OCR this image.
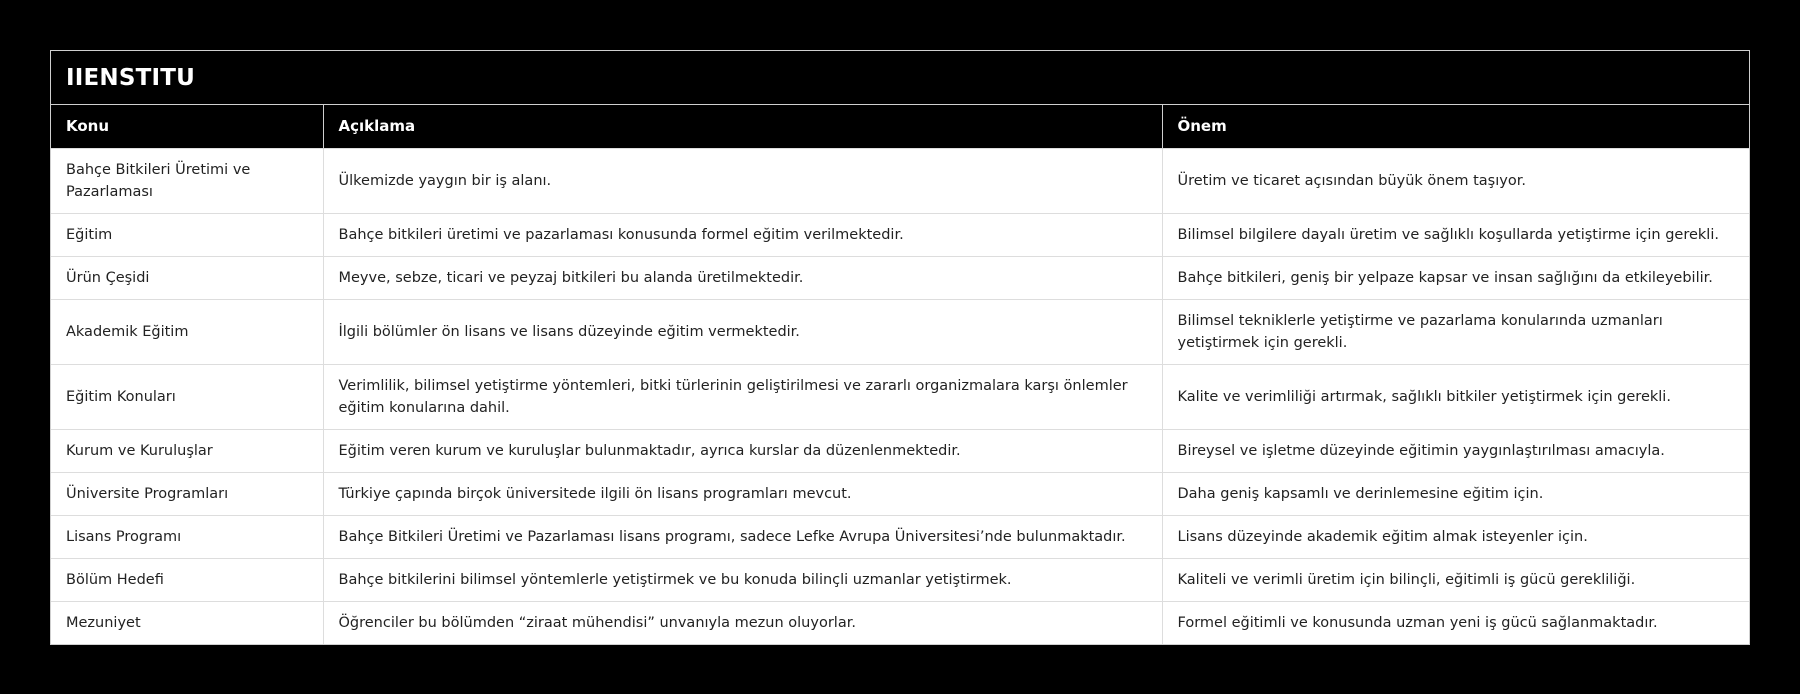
IIENSTITU
Konu	Açıklama	Önem
Bahçe Bitkileri Üretimi ve Pazarlaması	Ülkemizde yaygın bir iş alanı.	Üretim ve ticaret açısından büyük önem taşıyor.
Eğitim	Bahçe bitkileri üretimi ve pazarlaması konusunda formel eğitim verilmektedir.	Bilimsel bilgilere dayalı üretim ve sağlıklı koşullarda yetiştirme için gerekli.
Ürün Çeşidi	Meyve, sebze, ticari ve peyzaj bitkileri bu alanda üretilmektedir.	Bahçe bitkileri, geniş bir yelpaze kapsar ve insan sağlığını da etkileyebilir.
Akademik Eğitim	İlgili bölümler ön lisans ve lisans düzeyinde eğitim vermektedir.	Bilimsel tekniklerle yetiştirme ve pazarlama konularında uzmanları yetiştirmek için gerekli.
Eğitim Konuları	Verimlilik, bilimsel yetiştirme yöntemleri, bitki türlerinin geliştirilmesi ve zararlı organizmalara karşı önlemler eğitim konularına dahil.	Kalite ve verimliliği artırmak, sağlıklı bitkiler yetiştirmek için gerekli.
Kurum ve Kuruluşlar	Eğitim veren kurum ve kuruluşlar bulunmaktadır, ayrıca kurslar da düzenlenmektedir.	Bireysel ve işletme düzeyinde eğitimin yaygınlaştırılması amacıyla.
Üniversite Programları	Türkiye çapında birçok üniversitede ilgili ön lisans programları mevcut.	Daha geniş kapsamlı ve derinlemesine eğitim için.
Lisans Programı	Bahçe Bitkileri Üretimi ve Pazarlaması lisans programı, sadece Lefke Avrupa Üniversitesi’nde bulunmaktadır.	Lisans düzeyinde akademik eğitim almak isteyenler için.
Bölüm Hedefi	Bahçe bitkilerini bilimsel yöntemlerle yetiştirmek ve bu konuda bilinçli uzmanlar yetiştirmek.	Kaliteli ve verimli üretim için bilinçli, eğitimli iş gücü gerekliliği.
Mezuniyet	Öğrenciler bu bölümden “ziraat mühendisi” unvanıyla mezun oluyorlar.	Formel eğitimli ve konusunda uzman yeni iş gücü sağlanmaktadır.
